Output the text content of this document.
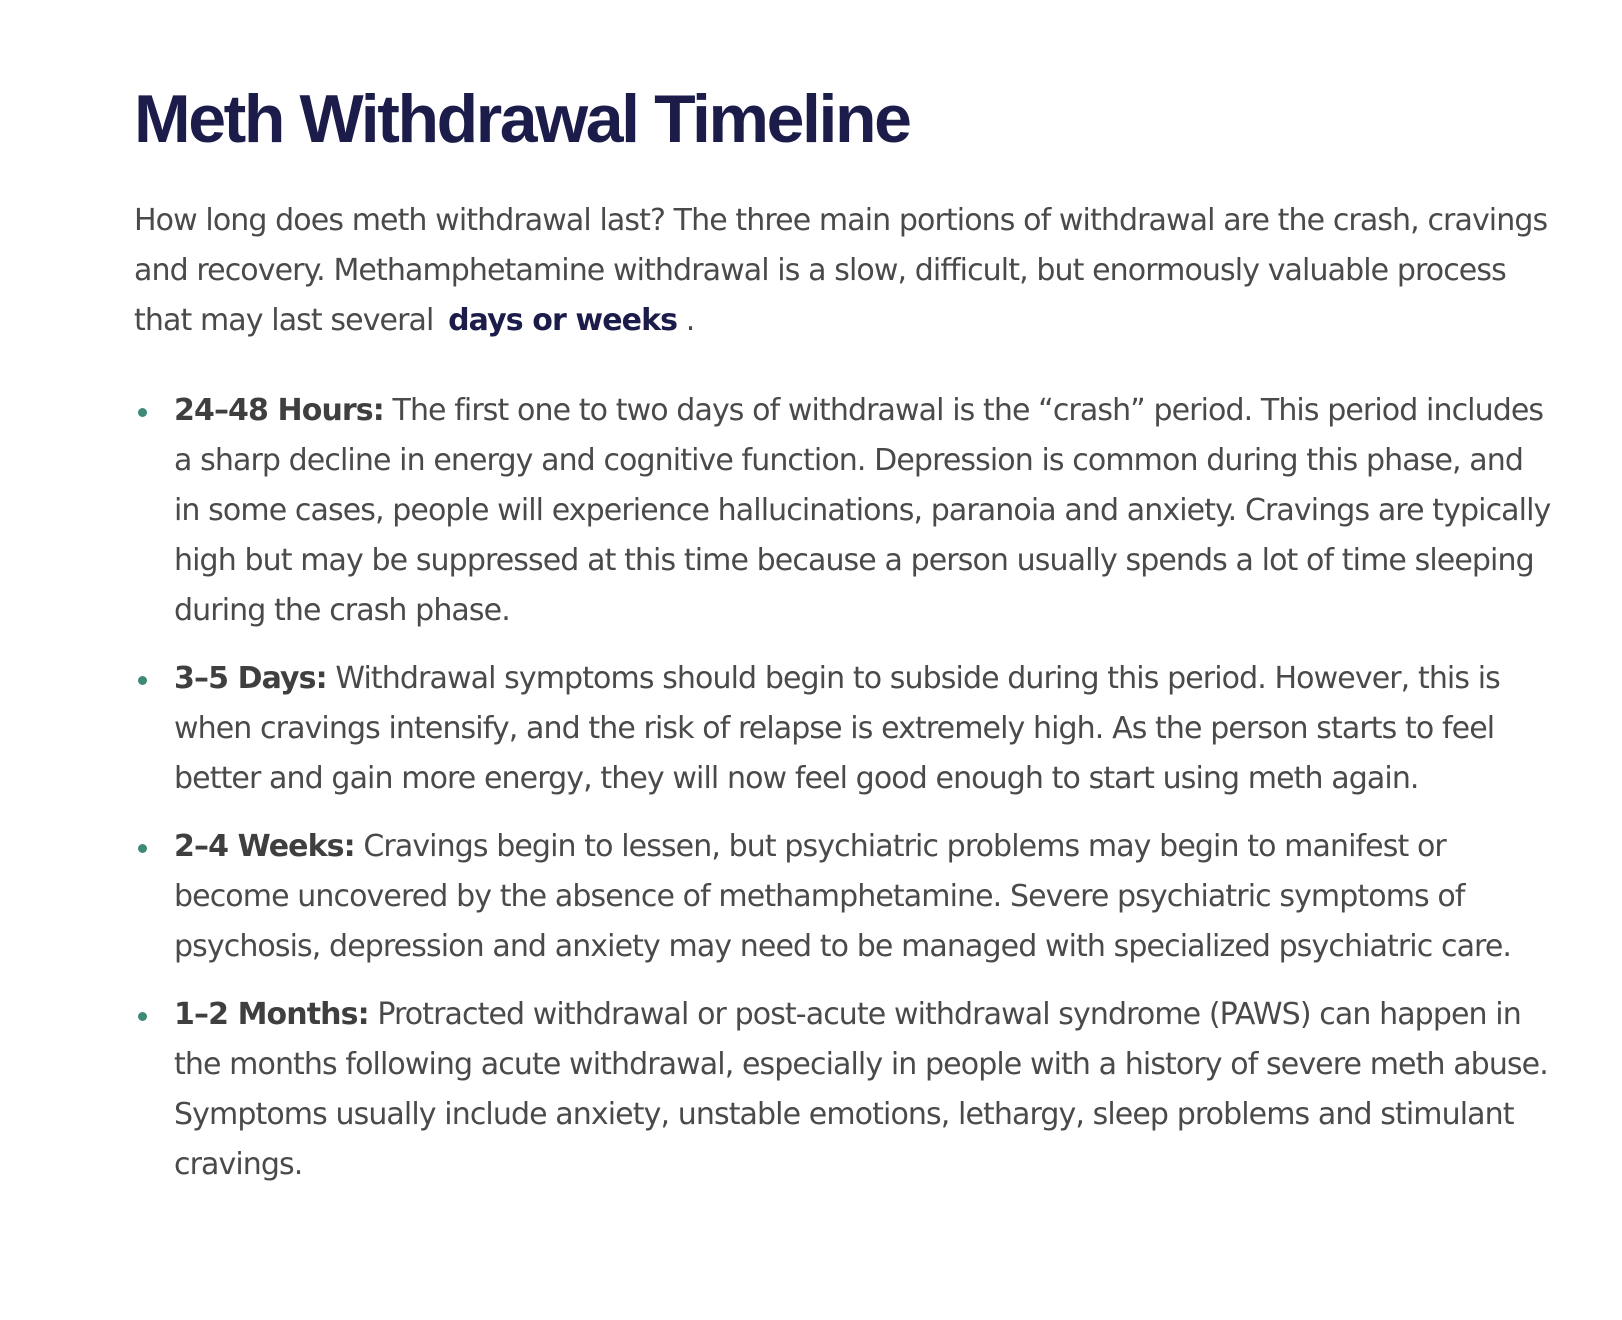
Meth Withdrawal Timeline

How long does meth withdrawal last? The three main portions of withdrawal are the crash, cravings and recovery. Methamphetamine withdrawal is a slow, difficult, but enormously valuable process that may last several days or weeks .

24–48 Hours: The first one to two days of withdrawal is the “crash” period. This period includes a sharp decline in energy and cognitive function. Depression is common during this phase, and in some cases, people will experience hallucinations, paranoia and anxiety. Cravings are typically high but may be suppressed at this time because a person usually spends a lot of time sleeping during the crash phase.
3–5 Days: Withdrawal symptoms should begin to subside during this period. However, this is when cravings intensify, and the risk of relapse is extremely high. As the person starts to feel better and gain more energy, they will now feel good enough to start using meth again.
2–4 Weeks: Cravings begin to lessen, but psychiatric problems may begin to manifest or become uncovered by the absence of methamphetamine. Severe psychiatric symptoms of psychosis, depression and anxiety may need to be managed with specialized psychiatric care.
1–2 Months: Protracted withdrawal or post-acute withdrawal syndrome (PAWS) can happen in the months following acute withdrawal, especially in people with a history of severe meth abuse. Symptoms usually include anxiety, unstable emotions, lethargy, sleep problems and stimulant cravings.
